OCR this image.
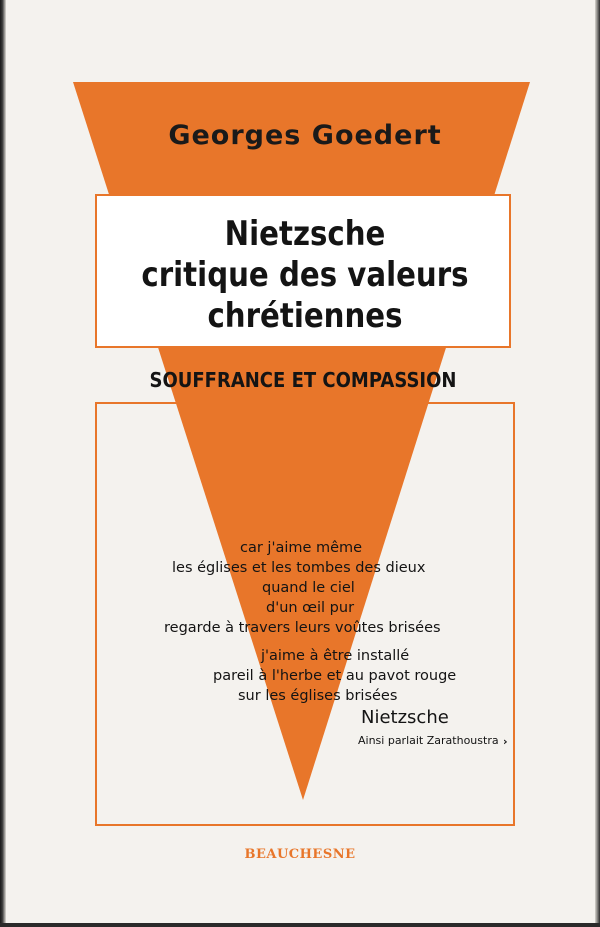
›
Georges Goedert
Nietzsche
critique des valeurs
chrétiennes
SOUFFRANCE ET COMPASSION
car j'aime même
les églises et les tombes des dieux
quand le ciel
d'un œil pur
regarde à travers leurs voûtes brisées
j'aime à être installé
pareil à l'herbe et au pavot rouge
sur les églises brisées
Nietzsche
Ainsi parlait Zarathoustra
BEAUCHESNE
